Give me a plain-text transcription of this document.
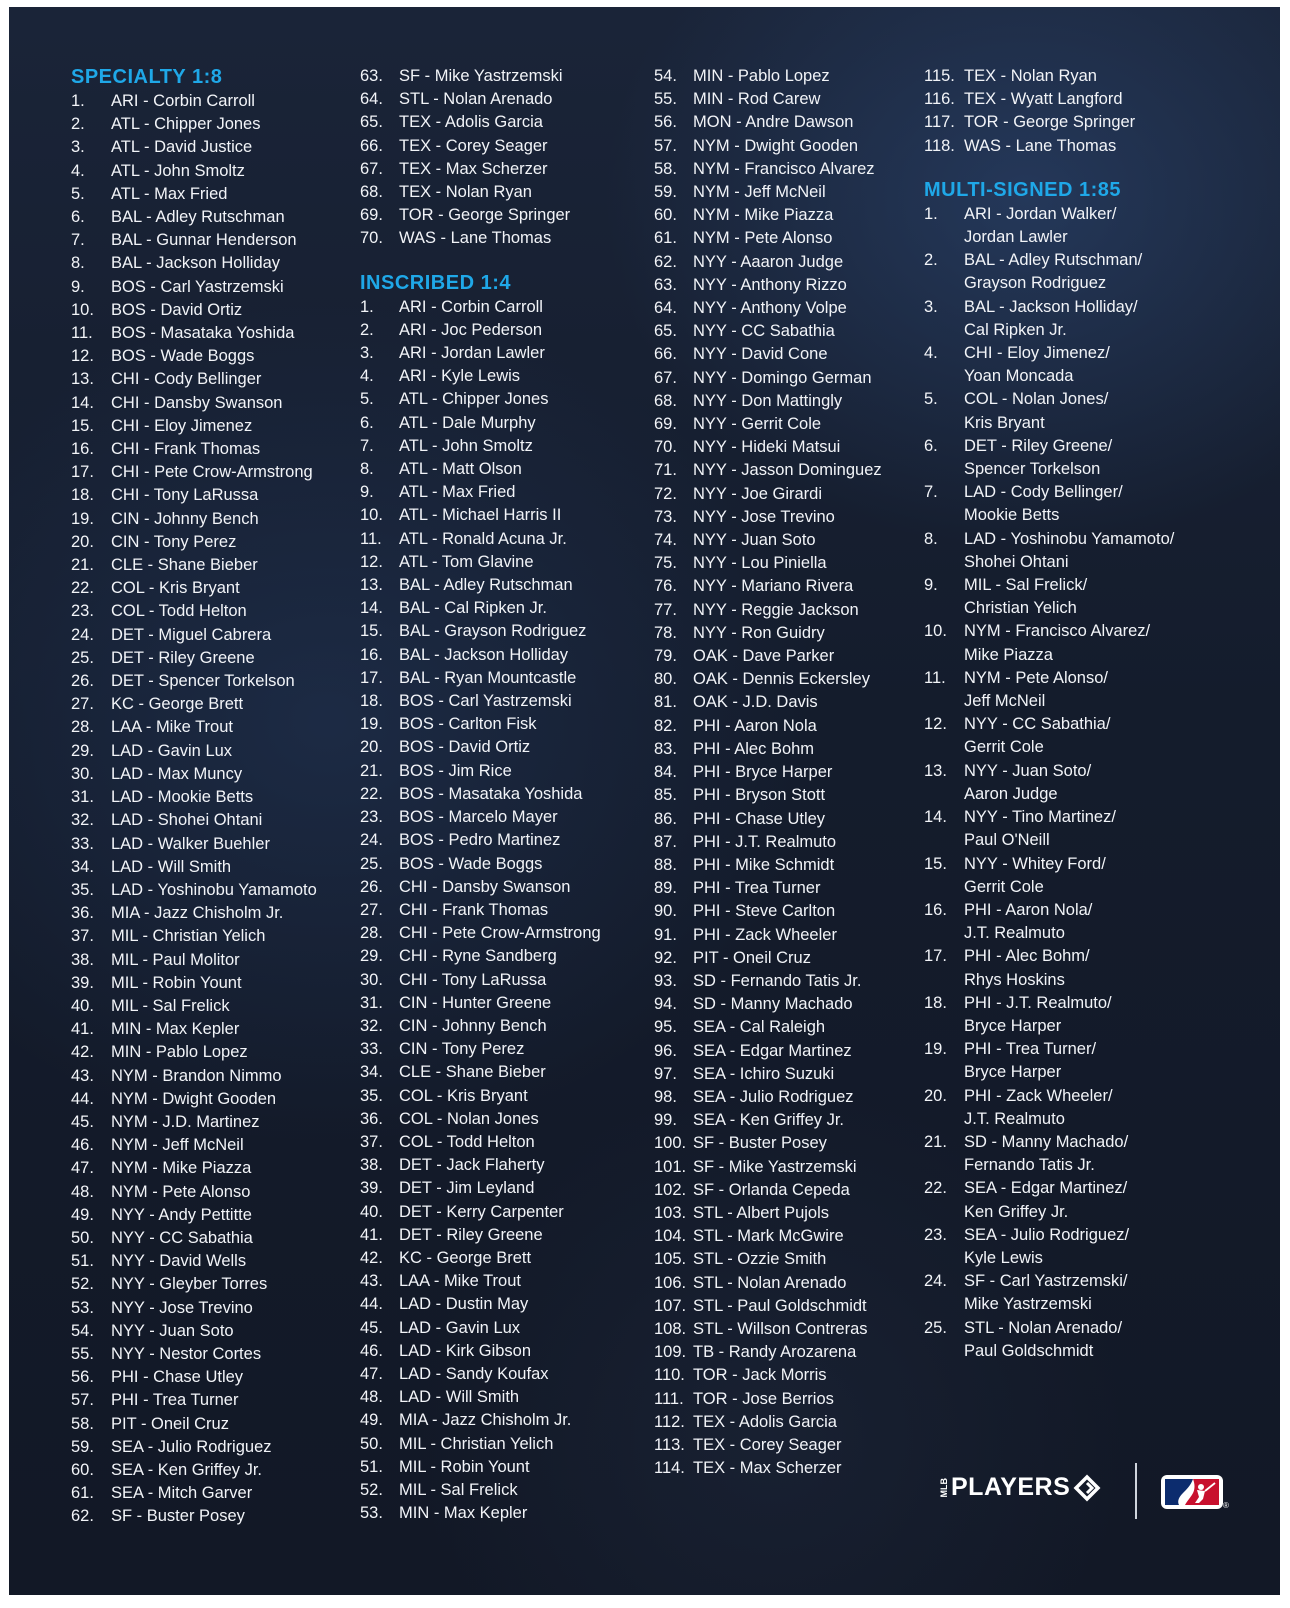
SPECIALTY 1:8
1.	ARI - Corbin Carroll
2.	ATL - Chipper Jones
3.	ATL - David Justice
4.	ATL - John Smoltz
5.	ATL - Max Fried
6.	BAL - Adley Rutschman
7.	BAL - Gunnar Henderson
8.	BAL - Jackson Holliday
9.	BOS - Carl Yastrzemski
10.	BOS - David Ortiz
11.	BOS - Masataka Yoshida
12.	BOS - Wade Boggs
13.	CHI - Cody Bellinger
14.	CHI - Dansby Swanson
15.	CHI - Eloy Jimenez
16.	CHI - Frank Thomas
17.	CHI - Pete Crow-Armstrong
18.	CHI - Tony LaRussa
19.	CIN - Johnny Bench
20.	CIN - Tony Perez
21.	CLE - Shane Bieber
22.	COL - Kris Bryant
23.	COL - Todd Helton
24.	DET - Miguel Cabrera
25.	DET - Riley Greene
26.	DET - Spencer Torkelson
27.	KC - George Brett
28.	LAA - Mike Trout
29.	LAD - Gavin Lux
30.	LAD - Max Muncy
31.	LAD - Mookie Betts
32.	LAD - Shohei Ohtani
33.	LAD - Walker Buehler
34.	LAD - Will Smith
35.	LAD - Yoshinobu Yamamoto
36.	MIA - Jazz Chisholm Jr.
37.	MIL - Christian Yelich
38.	MIL - Paul Molitor
39.	MIL - Robin Yount
40.	MIL - Sal Frelick
41.	MIN - Max Kepler
42.	MIN - Pablo Lopez
43.	NYM - Brandon Nimmo
44.	NYM - Dwight Gooden
45.	NYM - J.D. Martinez
46.	NYM - Jeff McNeil
47.	NYM - Mike Piazza
48.	NYM - Pete Alonso
49.	NYY - Andy Pettitte
50.	NYY - CC Sabathia
51.	NYY - David Wells
52.	NYY - Gleyber Torres
53.	NYY - Jose Trevino
54.	NYY - Juan Soto
55.	NYY - Nestor Cortes
56.	PHI - Chase Utley
57.	PHI - Trea Turner
58.	PIT - Oneil Cruz
59.	SEA - Julio Rodriguez
60.	SEA - Ken Griffey Jr.
61.	SEA - Mitch Garver
62.	SF - Buster Posey
63. SF - Mike Yastrzemski
64. STL - Nolan Arenado
65. TEX - Adolis Garcia
66. TEX - Corey Seager
67. TEX - Max Scherzer
68. TEX - Nolan Ryan
69. TOR - George Springer
70. WAS - Lane Thomas
INSCRIBED 1:4
1.	ARI - Corbin Carroll
2.	ARI - Joc Pederson
3.	ARI - Jordan Lawler
4.	ARI - Kyle Lewis
5.	ATL - Chipper Jones
6.	ATL - Dale Murphy
7.	ATL - John Smoltz
8.	ATL - Matt Olson
9.	ATL - Max Fried
10. ATL - Michael Harris II
11.	ATL - Ronald Acuna Jr.
12. ATL - Tom Glavine
13. BAL - Adley Rutschman
14. BAL - Cal Ripken Jr.
15. BAL - Grayson Rodriguez
16. BAL - Jackson Holliday
17. BAL - Ryan Mountcastle
18. BOS - Carl Yastrzemski
19. BOS - Carlton Fisk
20. BOS - David Ortiz
21. BOS - Jim Rice
22. BOS - Masataka Yoshida
23. BOS - Marcelo Mayer
24. BOS - Pedro Martinez
25. BOS - Wade Boggs
26. CHI - Dansby Swanson
27. CHI - Frank Thomas
28. CHI - Pete Crow-Armstrong
29. CHI - Ryne Sandberg
30. CHI - Tony LaRussa
31. CIN - Hunter Greene
32. CIN - Johnny Bench
33. CIN - Tony Perez
34. CLE - Shane Bieber
35. COL - Kris Bryant
36. COL - Nolan Jones
37. COL - Todd Helton
38. DET - Jack Flaherty
39. DET - Jim Leyland
40. DET - Kerry Carpenter
41. DET - Riley Greene
42. KC - George Brett
43. LAA - Mike Trout
44. LAD - Dustin May
45. LAD - Gavin Lux
46. LAD - Kirk Gibson
47. LAD - Sandy Koufax
48. LAD - Will Smith
49. MIA - Jazz Chisholm Jr.
50. MIL - Christian Yelich
51. MIL - Robin Yount
52. MIL - Sal Frelick
53. MIN - Max Kepler
54. MIN - Pablo Lopez
55. MIN - Rod Carew
56. MON - Andre Dawson
57. NYM - Dwight Gooden
58. NYM - Francisco Alvarez
59. NYM - Jeff McNeil
60. NYM - Mike Piazza
61. NYM - Pete Alonso
62. NYY - Aaaron Judge
63. NYY - Anthony Rizzo
64. NYY - Anthony Volpe
65. NYY - CC Sabathia
66. NYY - David Cone
67. NYY - Domingo German
68. NYY - Don Mattingly
69. NYY - Gerrit Cole
70. NYY - Hideki Matsui
71. NYY - Jasson Dominguez
72. NYY - Joe Girardi
73. NYY - Jose Trevino
74. NYY - Juan Soto
75. NYY - Lou Piniella
76. NYY - Mariano Rivera
77. NYY - Reggie Jackson
78. NYY - Ron Guidry
79. OAK - Dave Parker
80. OAK - Dennis Eckersley
81. OAK - J.D. Davis
82. PHI - Aaron Nola
83. PHI - Alec Bohm
84. PHI - Bryce Harper
85. PHI - Bryson Stott
86. PHI - Chase Utley
87. PHI - J.T. Realmuto
88. PHI - Mike Schmidt
89. PHI - Trea Turner
90. PHI - Steve Carlton
91. PHI - Zack Wheeler
92. PIT - Oneil Cruz
93. SD - Fernando Tatis Jr.
94. SD - Manny Machado
95. SEA - Cal Raleigh
96. SEA - Edgar Martinez
97. SEA - Ichiro Suzuki
98. SEA - Julio Rodriguez
99. SEA - Ken Griffey Jr.
100. SF - Buster Posey
101. SF - Mike Yastrzemski
102. SF - Orlanda Cepeda
103. STL - Albert Pujols
104. STL - Mark McGwire
105. STL - Ozzie Smith
106. STL - Nolan Arenado
107. STL - Paul Goldschmidt
108. STL - Willson Contreras
109. TB - Randy Arozarena
110. TOR - Jack Morris
111. TOR - Jose Berrios
112. TEX - Adolis Garcia
113. TEX - Corey Seager
114. TEX - Max Scherzer
115. TEX - Nolan Ryan
116. TEX - Wyatt Langford
117. TOR - George Springer
118. WAS - Lane Thomas
MULTI-SIGNED 1:85
1.	ARI - Jordan Walker/
Jordan Lawler
2.	BAL - Adley Rutschman/
Grayson Rodriguez
3.	BAL - Jackson Holliday/
Cal Ripken Jr.
4.	CHI - Eloy Jimenez/
Yoan Moncada
5.	COL - Nolan Jones/
Kris Bryant
6.	DET - Riley Greene/
Spencer Torkelson
7.	LAD - Cody Bellinger/
Mookie Betts
8.	LAD - Yoshinobu Yamamoto/
Shohei Ohtani
9.	MIL - Sal Frelick/
Christian Yelich
10.	NYM - Francisco Alvarez/
Mike Piazza
11.	NYM - Pete Alonso/
Jeff McNeil
12.	NYY - CC Sabathia/
Gerrit Cole
13.	NYY - Juan Soto/
Aaron Judge
14.	NYY - Tino Martinez/
Paul O'Neill
15.	NYY - Whitey Ford/
Gerrit Cole
16.	PHI - Aaron Nola/
J.T. Realmuto
17.	PHI - Alec Bohm/
Rhys Hoskins
18.	PHI - J.T. Realmuto/
Bryce Harper
19.	PHI - Trea Turner/
Bryce Harper
20.	PHI - Zack Wheeler/
J.T. Realmuto
21.	SD - Manny Machado/
Fernando Tatis Jr.
22.	SEA - Edgar Martinez/
Ken Griffey Jr.
23.	SEA - Julio Rodriguez/
Kyle Lewis
24.	SF - Carl Yastrzemski/
Mike Yastrzemski
25.	STL - Nolan Arenado/
Paul Goldschmidt
MLB PLAYERS
®
